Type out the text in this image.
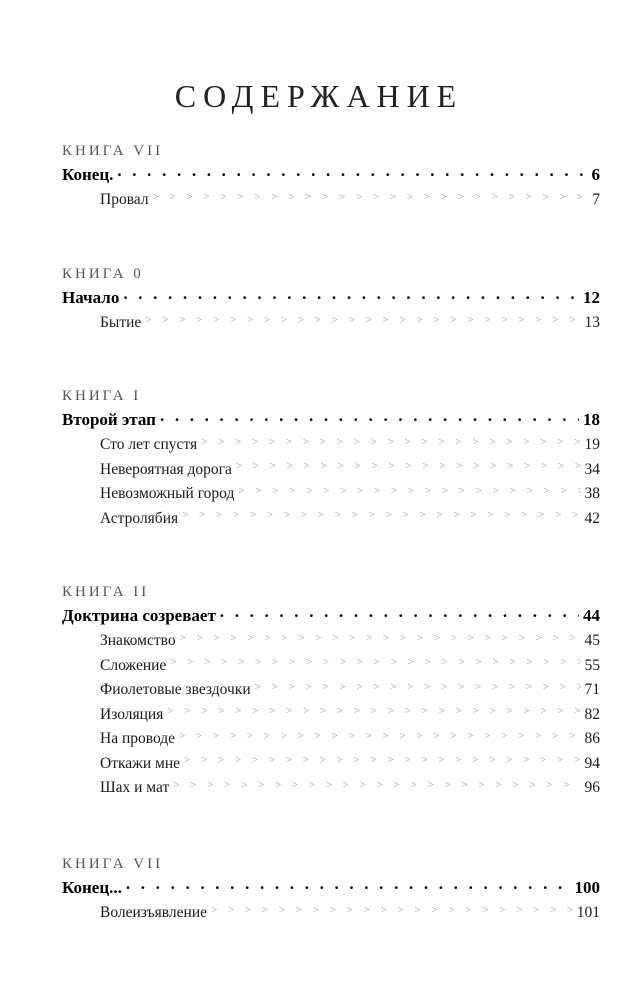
СОДЕРЖАНИЕ
КНИГА VII
Конец. . . .	6
Провал > > > > > > > > > > > > > > > > > > > > > > > > > > > > > > > > > > > > > > > > > > > > > > > > > > > > > > >	7
КНИГА 0
Начало . . .	12
Бытие > > > > > > > > > > > > > > > > > > > > > > > > > > > > > > > > > > > > > > > > > > > > > > > > > > > > > > >	13
КНИГА I
Второй этап . . .	18
Сто лет спустя > > > > > > > > > > > > > > > > > > > > > > > > > > > > > > > > > > > > > > > > > > > > > > > > > > > > > > >	19
Невероятная дорога > > > > > > > > > > > > > > > > > > > > > > > > > > > > > > > > > > > > > > > > > > > > > > > > > > > > > > >	34
Невозможный город > > > > > > > > > > > > > > > > > > > > > > > > > > > > > > > > > > > > > > > > > > > > > > > > > > > > > > >	38
Астролябия > > > > > > > > > > > > > > > > > > > > > > > > > > > > > > > > > > > > > > > > > > > > > > > > > > > > > > >	42
КНИГА II
Доктрина созревает . . .	44
Знакомство > > > > > > > > > > > > > > > > > > > > > > > > > > > > > > > > > > > > > > > > > > > > > > > > > > > > > > >	45
Сложение > > > > > > > > > > > > > > > > > > > > > > > > > > > > > > > > > > > > > > > > > > > > > > > > > > > > > > >	55
Фиолетовые звездочки > > > > > > > > > > > > > > > > > > > > > > > > > > > > > > > > > > > > > > > > > > > > > > > > > > > > > > >	71
Изоляция > > > > > > > > > > > > > > > > > > > > > > > > > > > > > > > > > > > > > > > > > > > > > > > > > > > > > > >	82
На проводе > > > > > > > > > > > > > > > > > > > > > > > > > > > > > > > > > > > > > > > > > > > > > > > > > > > > > > >	86
Откажи мне > > > > > > > > > > > > > > > > > > > > > > > > > > > > > > > > > > > > > > > > > > > > > > > > > > > > > > >	94
Шах и мат > > > > > > > > > > > > > > > > > > > > > > > > > > > > > > > > > > > > > > > > > > > > > > > > > > > > > > >	96
КНИГА VII
Конец... . . .	100
Волеизъявление > > > > > > > > > > > > > > > > > > > > > > > > > > > > > > > > > > > > > > > > > > > > > > > > > > > > > > >	101
